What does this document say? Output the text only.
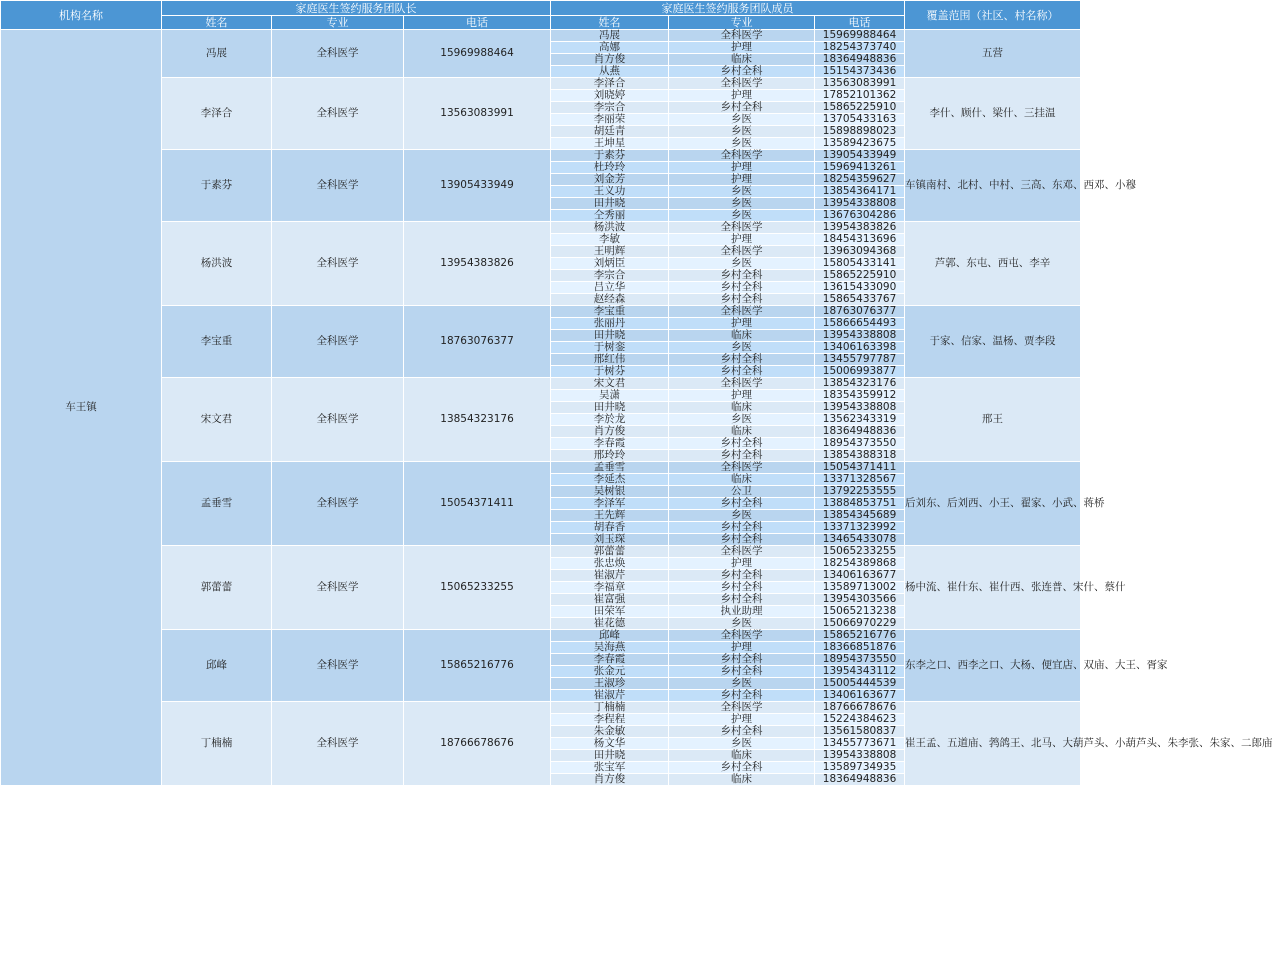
机构名称	家庭医生签约服务团队长			家庭医生签约服务团队成员			覆盖范围（社区、村名称）
	姓名	专业	电话	姓名	专业	电话	
车王镇	冯展	全科医学	15969988464	冯展	全科医学	15969988464	五营
				高娜	护理	18254373740	
				肖方俊	临床	18364948836	
				从燕	乡村全科	15154373436	
	李泽合	全科医学	13563083991	李泽合	全科医学	13563083991	李什、顾什、梁什、三挂温
				刘晓婷	护理	17852101362	
				李宗合	乡村全科	15865225910	
				李丽荣	乡医	13705433163	
				胡廷青	乡医	15898898023	
				王坤星	乡医	13589423675	
	于素芬	全科医学	13905433949	于素芬	全科医学	13905433949	车镇南村、北村、中村、三高、东邓、西邓、小穆
				杜玲玲	护理	15969413261	
				刘金芳	护理	18254359627	
				王义功	乡医	13854364171	
				田井晓	乡医	13954338808	
				仝秀丽	乡医	13676304286	
	杨洪波	全科医学	13954383826	杨洪波	全科医学	13954383826	芦郭、东屯、西屯、李辛
				李敏	护理	18454313696	
				王明辉	全科医学	13963094368	
				刘炳臣	乡医	15805433141	
				李宗合	乡村全科	15865225910	
				吕立华	乡村全科	13615433090	
				赵经森	乡村全科	15865433767	
	李宝重	全科医学	18763076377	李宝重	全科医学	18763076377	于家、信家、温杨、贾李段
				张丽丹	护理	15866654493	
				田井晓	临床	13954338808	
				于树銮	乡医	13406163398	
				邢红伟	乡村全科	13455797787	
				于树芬	乡村全科	15006993877	
	宋文君	全科医学	13854323176	宋文君	全科医学	13854323176	邢王
				吴潇	护理	18354359912	
				田井晓	临床	13954338808	
				李於龙	乡医	13562343319	
				肖方俊	临床	18364948836	
				李春霞	乡村全科	18954373550	
				邢玲玲	乡村全科	13854388318	
	孟垂雪	全科医学	15054371411	孟垂雪	全科医学	15054371411	后刘东、后刘西、小王、翟家、小武、蒋桥
				李延杰	临床	13371328567	
				吴树银	公卫	13792253555	
				李泽军	乡村全科	13884853751	
				王先辉	乡医	13854345689	
				胡春香	乡村全科	13371323992	
				刘玉琛	乡村全科	13465433078	
	郭蕾蕾	全科医学	15065233255	郭蕾蕾	全科医学	15065233255	杨中流、崔什东、崔什西、张连普、宋什、蔡什
				张忠焕	护理	18254389868	
				崔淑芹	乡村全科	13406163677	
				李福章	乡村全科	13589713002	
				崔富强	乡村全科	13954303566	
				田荣军	执业助理	15065213238	
				崔花德	乡医	15066970229	
	邱峰	全科医学	15865216776	邱峰	全科医学	15865216776	东李之口、西李之口、大杨、便宜店、双庙、大王、胥家
				吴海燕	护理	18366851876	
				李春霞	乡村全科	18954373550	
				张金元	乡村全科	13954343112	
				王淑珍	乡医	15005444539	
				崔淑芹	乡村全科	13406163677	
	丁楠楠	全科医学	18766678676	丁楠楠	全科医学	18766678676	崔王孟、五道庙、鹁鸽王、北马、大葫芦头、小葫芦头、朱李张、朱家、二郎庙
				李程程	护理	15224384623	
				朱金敏	乡村全科	13561580837	
				杨文华	乡医	13455773671	
				田井晓	临床	13954338808	
				张宝军	乡村全科	13589734935	
				肖方俊	临床	18364948836	
